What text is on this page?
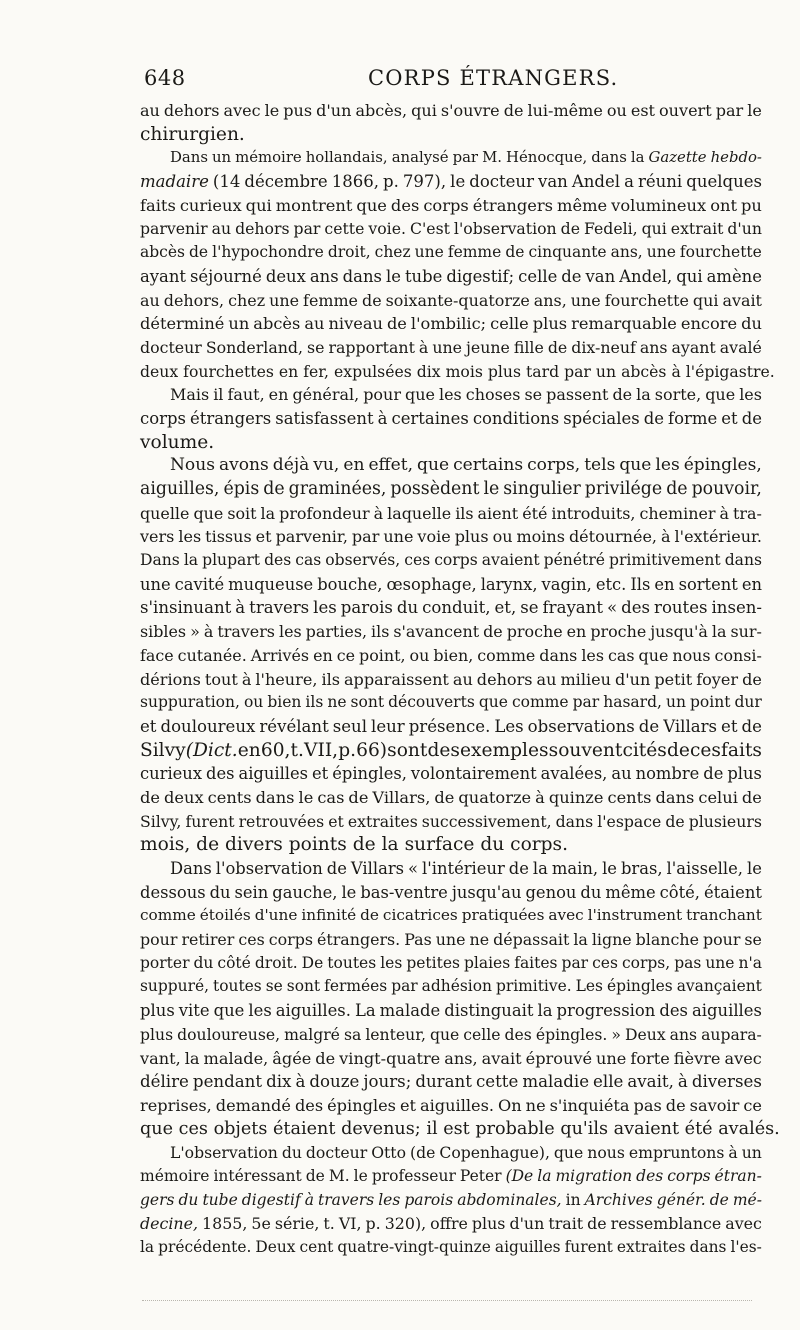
648	CORPS ÉTRANGERS.
au dehors avec le pus d'un abcès, qui s'ouvre de lui-même ou est ouvert par le
chirurgien.
Dans un mémoire hollandais, analysé par M. Hénocque, dans la Gazette hebdo-
madaire (14 décembre 1866, p. 797), le docteur van Andel a réuni quelques
faits curieux qui montrent que des corps étrangers même volumineux ont pu
parvenir au dehors par cette voie. C'est l'observation de Fedeli, qui extrait d'un
abcès de l'hypochondre droit, chez une femme de cinquante ans, une fourchette
ayant séjourné deux ans dans le tube digestif; celle de van Andel, qui amène
au dehors, chez une femme de soixante-quatorze ans, une fourchette qui avait
déterminé un abcès au niveau de l'ombilic; celle plus remarquable encore du
docteur Sonderland, se rapportant à une jeune fille de dix-neuf ans ayant avalé
deux fourchettes en fer, expulsées dix mois plus tard par un abcès à l'épigastre.
Mais il faut, en général, pour que les choses se passent de la sorte, que les
corps étrangers satisfassent à certaines conditions spéciales de forme et de
volume.
Nous avons déjà vu, en effet, que certains corps, tels que les épingles,
aiguilles, épis de graminées, possèdent le singulier privilége de pouvoir,
quelle que soit la profondeur à laquelle ils aient été introduits, cheminer à tra-
vers les tissus et parvenir, par une voie plus ou moins détournée, à l'extérieur.
Dans la plupart des cas observés, ces corps avaient pénétré primitivement dans
une cavité muqueuse bouche, œsophage, larynx, vagin, etc. Ils en sortent en
s'insinuant à travers les parois du conduit, et, se frayant « des routes insen-
sibles » à travers les parties, ils s'avancent de proche en proche jusqu'à la sur-
face cutanée. Arrivés en ce point, ou bien, comme dans les cas que nous consi-
dérions tout à l'heure, ils apparaissent au dehors au milieu d'un petit foyer de
suppuration, ou bien ils ne sont découverts que comme par hasard, un point dur
et douloureux révélant seul leur présence. Les observations de Villars et de
Silvy (Dict. en 60, t. VII, p. 66) sont des exemples souvent cités de ces faits
curieux des aiguilles et épingles, volontairement avalées, au nombre de plus
de deux cents dans le cas de Villars, de quatorze à quinze cents dans celui de
Silvy, furent retrouvées et extraites successivement, dans l'espace de plusieurs
mois, de divers points de la surface du corps.
Dans l'observation de Villars « l'intérieur de la main, le bras, l'aisselle, le
dessous du sein gauche, le bas-ventre jusqu'au genou du même côté, étaient
comme étoilés d'une infinité de cicatrices pratiquées avec l'instrument tranchant
pour retirer ces corps étrangers. Pas une ne dépassait la ligne blanche pour se
porter du côté droit. De toutes les petites plaies faites par ces corps, pas une n'a
suppuré, toutes se sont fermées par adhésion primitive. Les épingles avançaient
plus vite que les aiguilles. La malade distinguait la progression des aiguilles
plus douloureuse, malgré sa lenteur, que celle des épingles. » Deux ans aupara-
vant, la malade, âgée de vingt-quatre ans, avait éprouvé une forte fièvre avec
délire pendant dix à douze jours; durant cette maladie elle avait, à diverses
reprises, demandé des épingles et aiguilles. On ne s'inquiéta pas de savoir ce
que ces objets étaient devenus; il est probable qu'ils avaient été avalés.
L'observation du docteur Otto (de Copenhague), que nous empruntons à un
mémoire intéressant de M. le professeur Peter (De la migration des corps étran-
gers du tube digestif à travers les parois abdominales, in Archives génér. de mé-
decine, 1855, 5e série, t. VI, p. 320), offre plus d'un trait de ressemblance avec
la précédente. Deux cent quatre-vingt-quinze aiguilles furent extraites dans l'es-
